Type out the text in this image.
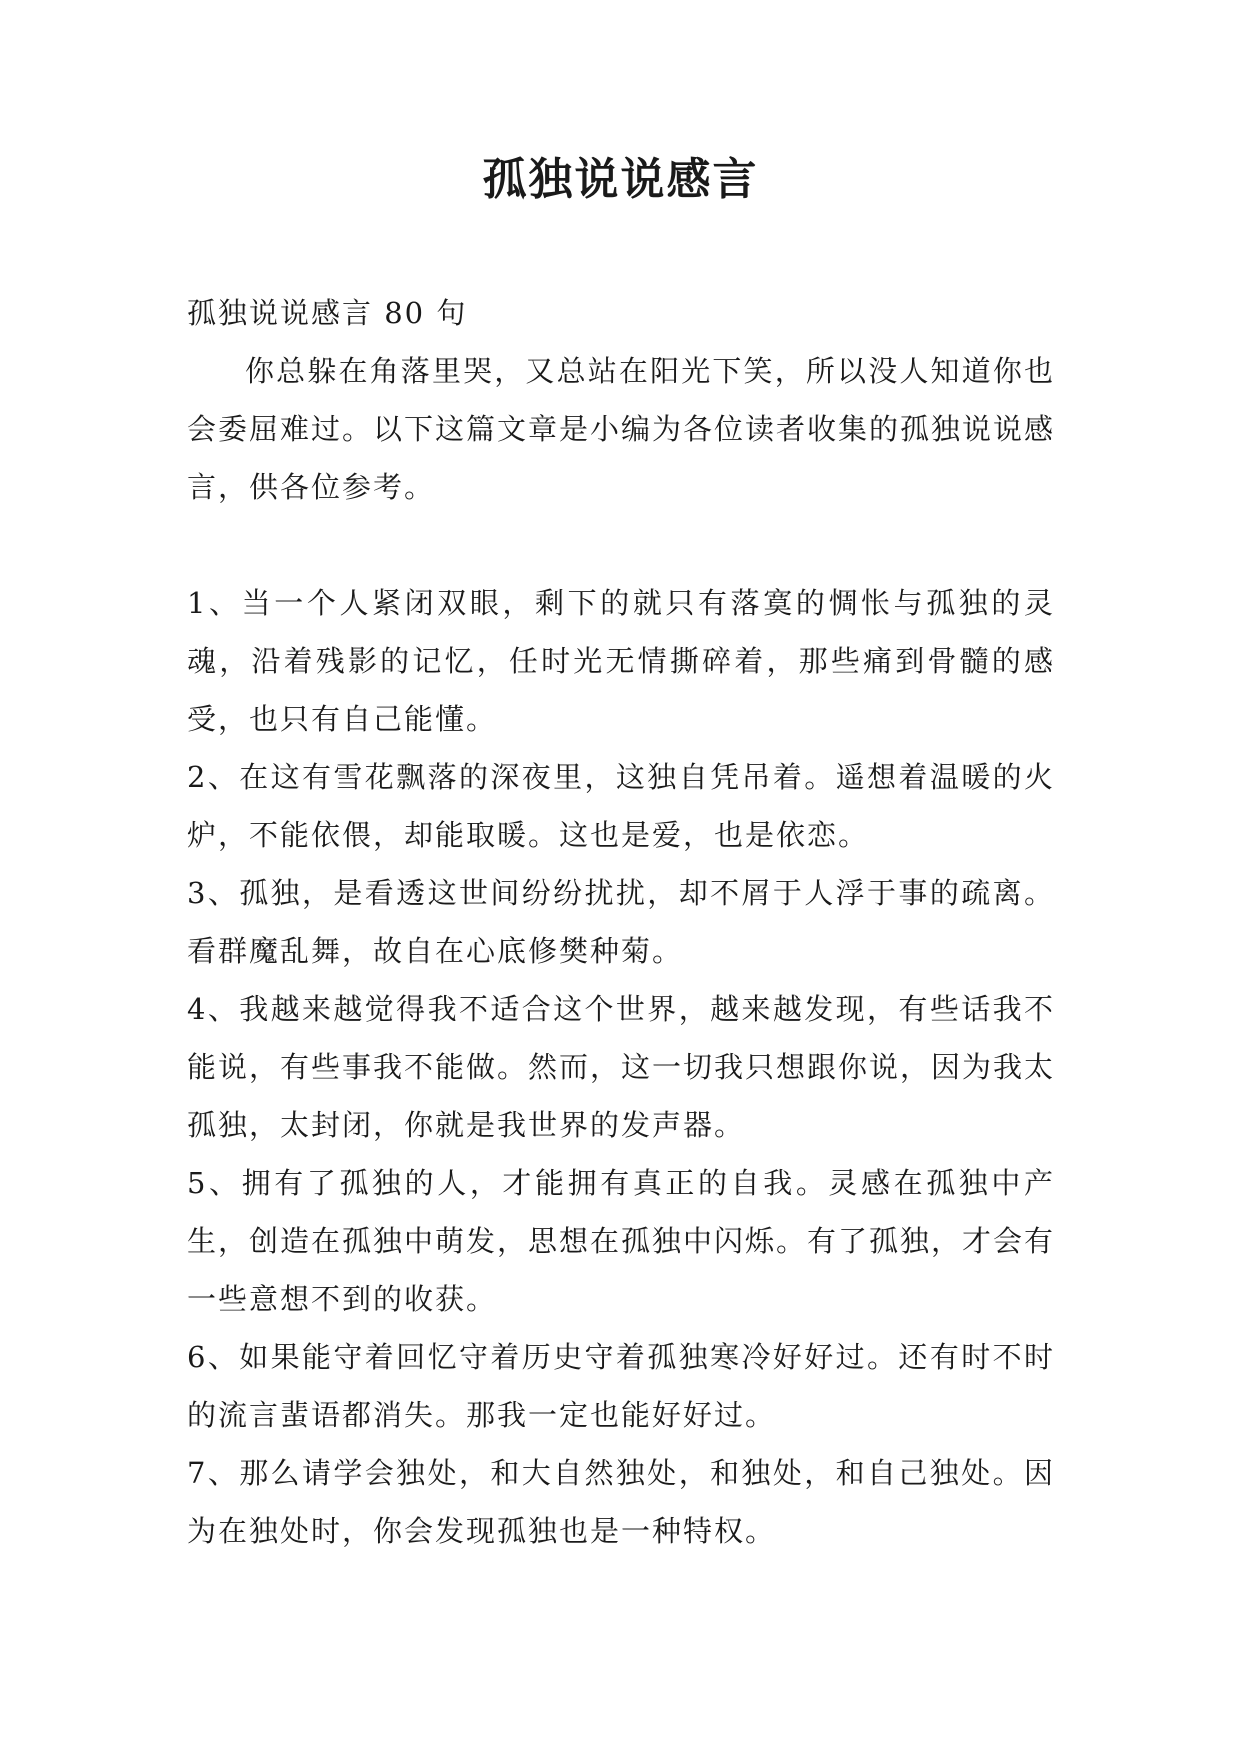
孤独说说感言

孤独说说感言 80 句

你总躲在角落里哭，又总站在阳光下笑，所以没人知道你也会委屈难过。以下这篇文章是小编为各位读者收集的孤独说说感言，供各位参考。

1、当一个人紧闭双眼，剩下的就只有落寞的惆怅与孤独的灵魂，沿着残影的记忆，任时光无情撕碎着，那些痛到骨髓的感受，也只有自己能懂。

2、在这有雪花飘落的深夜里，这独自凭吊着。遥想着温暖的火炉，不能依偎，却能取暖。这也是爱，也是依恋。

3、孤独，是看透这世间纷纷扰扰，却不屑于人浮于事的疏离。看群魔乱舞，故自在心底修樊种菊。

4、我越来越觉得我不适合这个世界，越来越发现，有些话我不能说，有些事我不能做。然而，这一切我只想跟你说，因为我太孤独，太封闭，你就是我世界的发声器。

5、拥有了孤独的人，才能拥有真正的自我。灵感在孤独中产生，创造在孤独中萌发，思想在孤独中闪烁。有了孤独，才会有一些意想不到的收获。

6、如果能守着回忆守着历史守着孤独寒冷好好过。还有时不时的流言蜚语都消失。那我一定也能好好过。

7、那么请学会独处，和大自然独处，和独处，和自己独处。因为在独处时，你会发现孤独也是一种特权。
